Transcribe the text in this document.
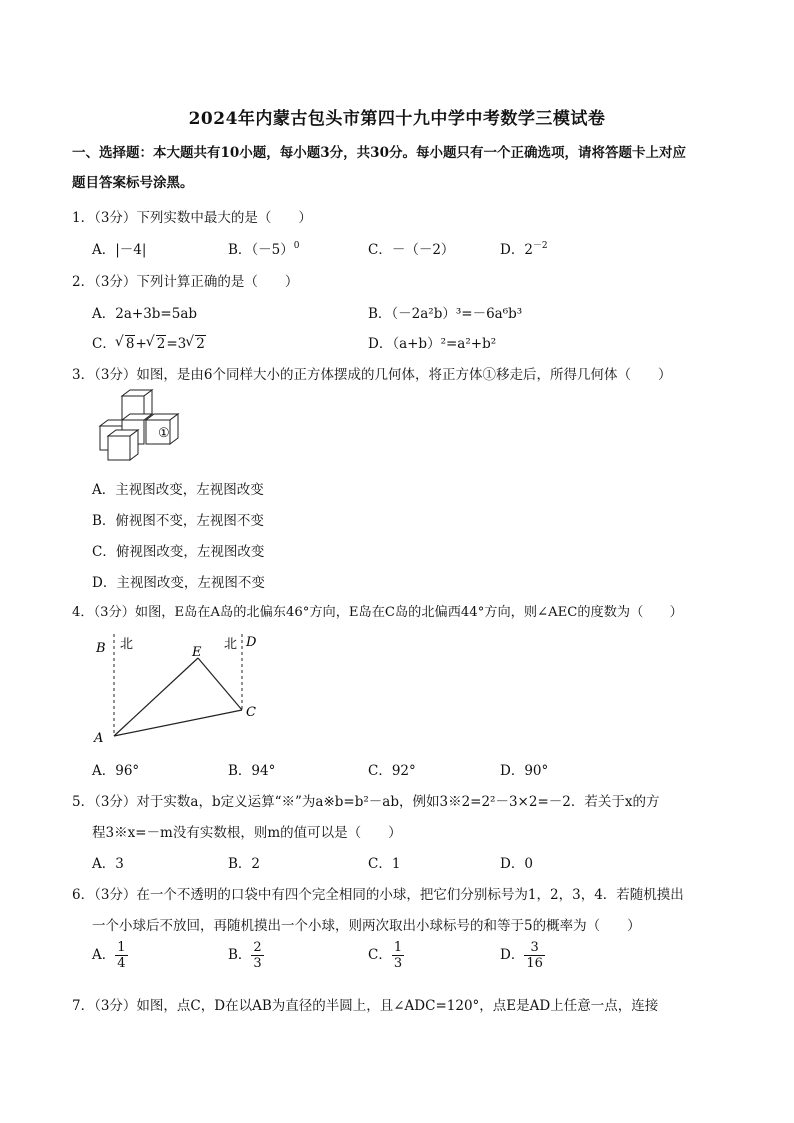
2024年内蒙古包头市第四十九中学中考数学三模试卷
一、选择题：本大题共有10小题，每小题3分，共30分。每小题只有一个正确选项，请将答题卡上对应
题目答案标号涂黑。
1．（3分）下列实数中最大的是（　　）
A．|－4|	B．$(-5)^0$	C．－（－2）	D．$2^{-2}$
2．（3分）下列计算正确的是（　　）
A．2a+3b=5ab	B．（－2a²b）³=－6a⁶b³
C． √ 8+ √ 2=3 √ 2	D．（a+b）²=a²+b²
3．（3分）如图，是由6个同样大小的正方体摆成的几何体，将正方体①移走后，所得几何体（　　）
①
A．主视图改变，左视图改变
B．俯视图不变，左视图不变
C．俯视图改变，左视图改变
D．主视图改变，左视图不变
4．（3分）如图，E岛在A岛的北偏东46°方向，E岛在C岛的北偏西44°方向，则∠AEC的度数为（　　）
B 北
E
北 D
C
A
A．96°	B．94°	C．92°	D．90°
5．（3分）对于实数a，b定义运算“※”为a※b=b²－ab，例如3※2=2²－3×2=－2．若关于x的方
程3※x=－m没有实数根，则m的值可以是（　　）
A．3	B．2	C．1	D．0
6．（3分）在一个不透明的口袋中有四个完全相同的小球，把它们分别标号为1，2，3，4．若随机摸出
一个小球后不放回，再随机摸出一个小球，则两次取出小球标号的和等于5的概率为（　　）
A． $\frac{1}{4}$	B． $\frac{2}{3}$	C． $\frac{1}{3}$	D． $\frac{3}{16}$
7．（3分）如图，点C，D在以AB为直径的半圆上，且∠ADC=120°，点E是AD上任意一点，连接
